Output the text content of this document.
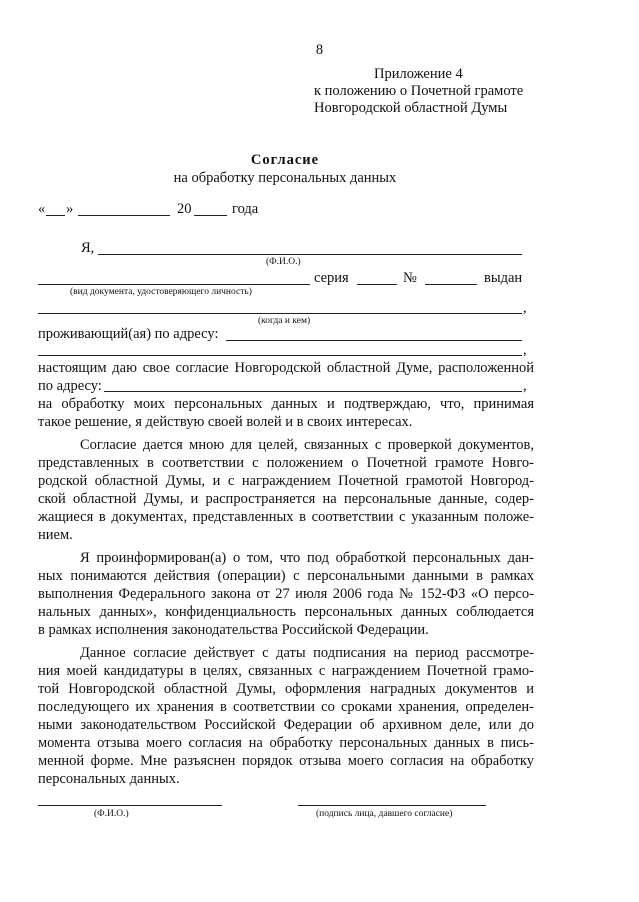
8
Приложение 4
к положению о Почетной грамоте
Новгородской областной Думы
Согласие
на обработку персональных данных
« »	20	года
Я,
(Ф.И.О.)
серия	№	выдан
(вид документа, удостоверяющего личность)
,
(когда и кем)
проживающий(ая) по адресу:
,
настоящим даю свое согласие Новгородской областной Думе, расположенной
по адресу:	,
на обработку моих персональных данных и подтверждаю, что, принимая
такое решение, я действую своей волей и в своих интересах.
Согласие дается мною для целей, связанных с проверкой документов,
представленных в соответствии с положением о Почетной грамоте Новго-
родской областной Думы, и с награждением Почетной грамотой Новгород-
ской областной Думы, и распространяется на персональные данные, содер-
жащиеся в документах, представленных в соответствии с указанным положе-
нием.
Я проинформирован(а) о том, что под обработкой персональных дан-
ных понимаются действия (операции) с персональными данными в рамках
выполнения Федерального закона от 27 июля 2006 года № 152-ФЗ «О персо-
нальных данных», конфиденциальность персональных данных соблюдается
в рамках исполнения законодательства Российской Федерации.
Данное согласие действует с даты подписания на период рассмотре-
ния моей кандидатуры в целях, связанных с награждением Почетной грамо-
той Новгородской областной Думы, оформления наградных документов и
последующего их хранения в соответствии со сроками хранения, определен-
ными законодательством Российской Федерации об архивном деле, или до
момента отзыва моего согласия на обработку персональных данных в пись-
менной форме. Мне разъяснен порядок отзыва моего согласия на обработку
персональных данных.
(Ф.И.О.)	(подпись лица, давшего согласие)
